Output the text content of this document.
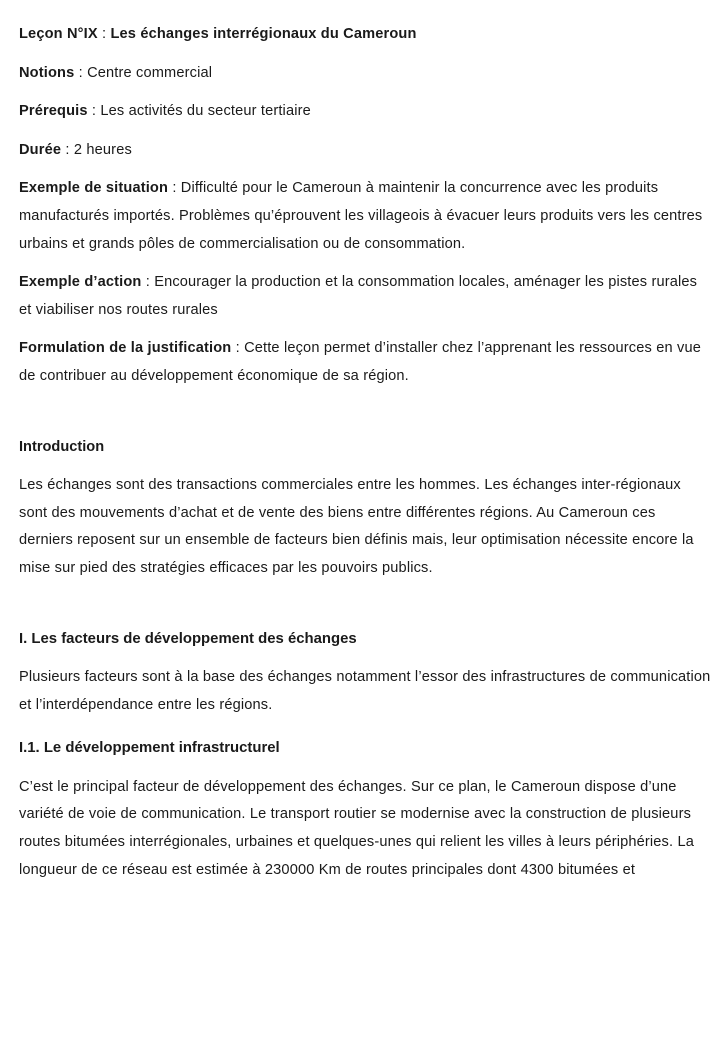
Leçon N°IX : Les échanges interrégionaux du Cameroun

Notions : Centre commercial

Prérequis : Les activités du secteur tertiaire

Durée : 2 heures

Exemple de situation : Difficulté pour le Cameroun à maintenir la concurrence avec les produits manufacturés importés. Problèmes qu’éprouvent les villageois à évacuer leurs produits vers les centres urbains et grands pôles de commercialisation ou de consommation.

Exemple d’action : Encourager la production et la consommation locales, aménager les pistes rurales et viabiliser nos routes rurales

Formulation de la justification : Cette leçon permet d’installer chez l’apprenant les ressources en vue de contribuer au développement économique de sa région.

Introduction

Les échanges sont des transactions commerciales entre les hommes. Les échanges inter-régionaux sont des mouvements d’achat et de vente des biens entre différentes régions. Au Cameroun ces derniers reposent sur un ensemble de facteurs bien définis mais, leur optimisation nécessite encore la mise sur pied des stratégies efficaces par les pouvoirs publics.

I. Les facteurs de développement des échanges

Plusieurs facteurs sont à la base des échanges notamment l’essor des infrastructures de communication et l’interdépendance entre les régions.

I.1. Le développement infrastructurel

C’est le principal facteur de développement des échanges. Sur ce plan, le Cameroun dispose d’une variété de voie de communication. Le transport routier se modernise avec la construction de plusieurs routes bitumées interrégionales, urbaines et quelques-unes qui relient les villes à leurs périphéries. La longueur de ce réseau est estimée à 230000 Km de routes principales dont 4300 bitumées et
